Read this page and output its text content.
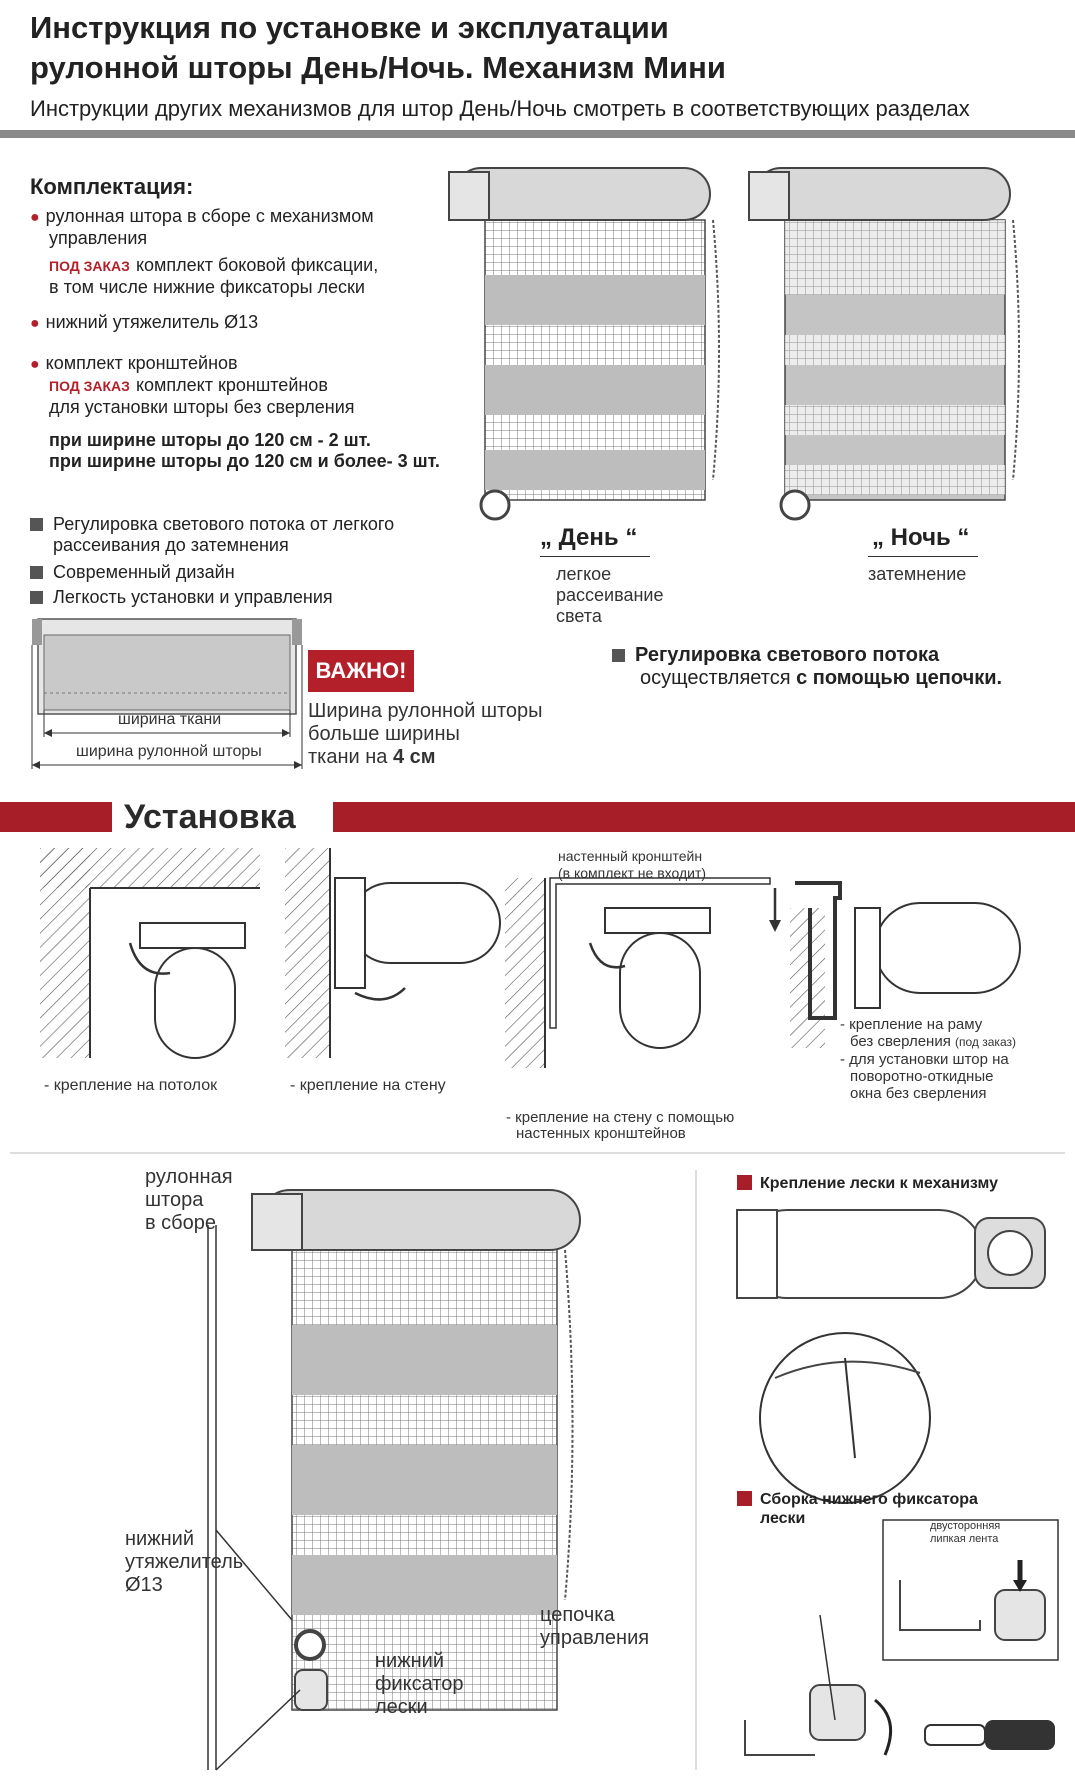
Инструкция по установке и эксплуатации
рулонной шторы День/Ночь. Механизм Мини
Инструкции других механизмов для штор День/Ночь смотреть в соответствующих разделах
Комплектация:
● рулонная штора в сборе с механизмом
управления
ПОД ЗАКАЗ комплект боковой фиксации,
в том числе нижние фиксаторы лески
● нижний утяжелитель Ø13
● комплект кронштейнов
ПОД ЗАКАЗ комплект кронштейнов
для установки шторы без сверления
при ширине шторы до 120 см - 2 шт.
при ширине шторы до 120 см и более- 3 шт.
Регулировка светового потока от легкого
рассеивания до затемнения
Современный дизайн
Легкость установки и управления
„ День “
легкое
рассеивание
света
„ Ночь “
затемнение
Регулировка светового потока
осуществляется с помощью цепочки.
ширина ткани
ширина рулонной шторы
ВАЖНО!
Ширина рулонной шторы
больше ширины
ткани на 4 см
Установка
- крепление на потолок	- крепление на стену
настенный кронштейн
(в комплект не входит)
- крепление на стену с помощью
настенных кронштейнов
- крепление на раму
без сверления (под заказ)
- для установки штор на
поворотно-откидные
окна без сверления
рулонная
штора
в сборе
нижний
утяжелитель
Ø13
нижний
фиксатор
лески
цепочка
управления
Крепление лески к механизму
Сборка нижнего фиксатора
лески	двусторонняя
липкая лента
